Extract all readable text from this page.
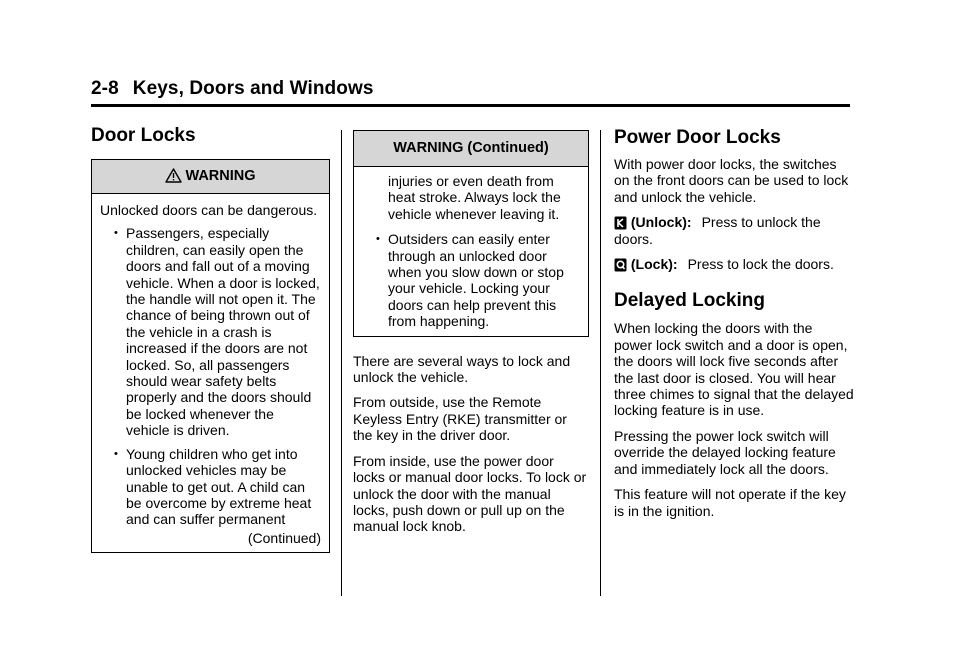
2-8 Keys, Doors and Windows
Door Locks
WARNING

Unlocked doors can be dangerous.

• Passengers, especially children, can easily open the doors and fall out of a moving vehicle. When a door is locked, the handle will not open it. The chance of being thrown out of the vehicle in a crash is increased if the doors are not locked. So, all passengers should wear safety belts properly and the doors should be locked whenever the vehicle is driven.
• Young children who get into unlocked vehicles may be unable to get out. A child can be overcome by extreme heat and can suffer permanent
(Continued)
WARNING (Continued)

injuries or even death from heat stroke. Always lock the vehicle whenever leaving it.

• Outsiders can easily enter through an unlocked door when you slow down or stop your vehicle. Locking your doors can help prevent this from happening.

There are several ways to lock and unlock the vehicle.

From outside, use the Remote Keyless Entry (RKE) transmitter or the key in the driver door.

From inside, use the power door locks or manual door locks. To lock or unlock the door with the manual locks, push down or pull up on the manual lock knob.

Power Door Locks

With power door locks, the switches on the front doors can be used to lock and unlock the vehicle.

(Unlock): Press to unlock the doors.

(Lock): Press to lock the doors.

Delayed Locking

When locking the doors with the power lock switch and a door is open, the doors will lock five seconds after the last door is closed. You will hear three chimes to signal that the delayed locking feature is in use.

Pressing the power lock switch will override the delayed locking feature and immediately lock all the doors.

This feature will not operate if the key is in the ignition.
